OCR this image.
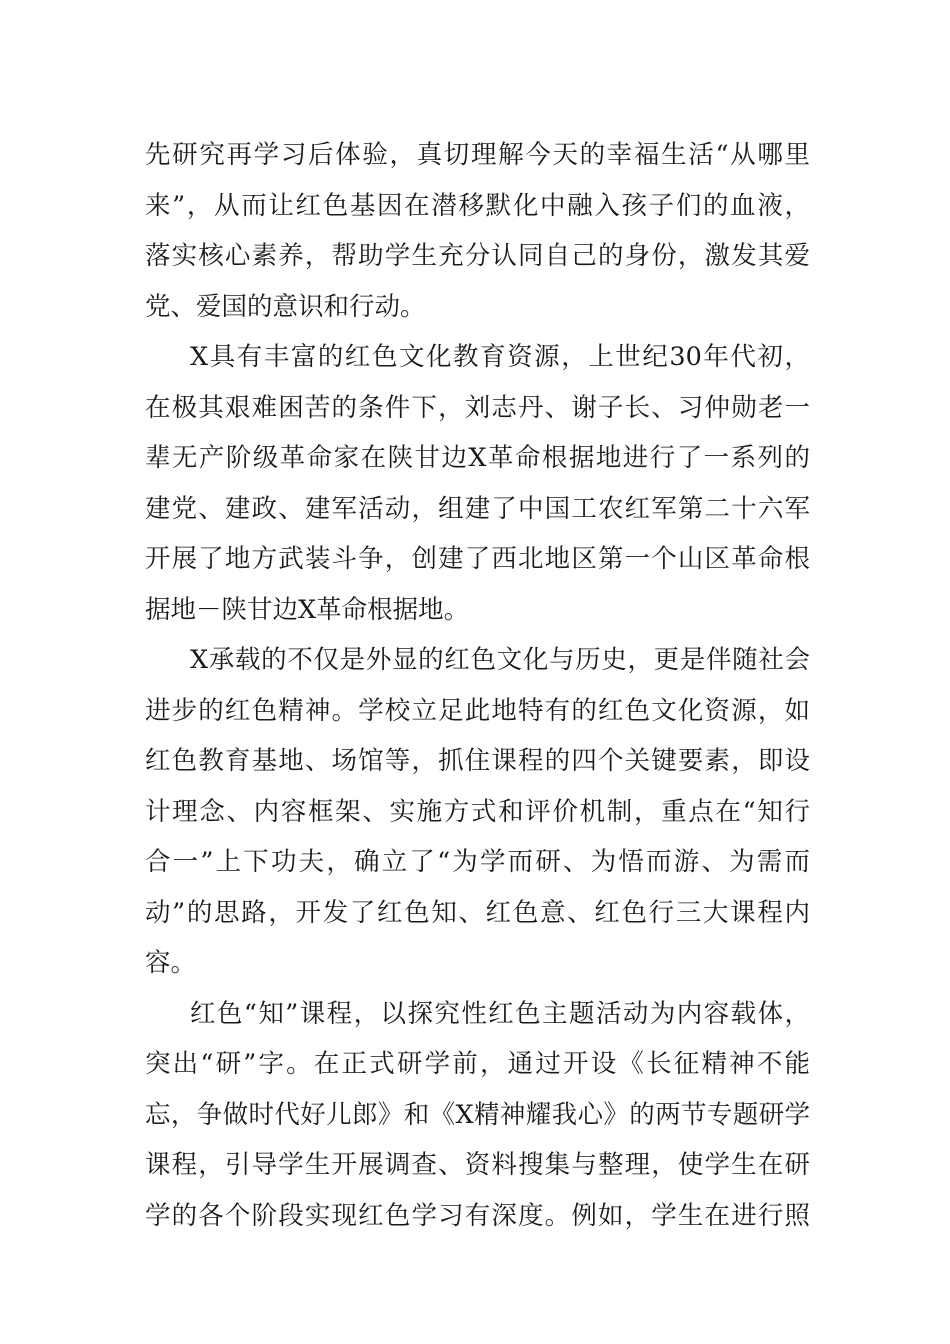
先研究再学习后体验，真切理解今天的幸福生活“从哪里
来”，从而让红色基因在潜移默化中融入孩子们的血液，
落实核心素养，帮助学生充分认同自己的身份，激发其爱
党、爱国的意识和行动。
X具有丰富的红色文化教育资源，上世纪30年代初，
在极其艰难困苦的条件下，刘志丹、谢子长、习仲勋老一
辈无产阶级革命家在陕甘边X革命根据地进行了一系列的
建党、建政、建军活动，组建了中国工农红军第二十六军
开展了地方武装斗争，创建了西北地区第一个山区革命根
据地－陕甘边X革命根据地。
X承载的不仅是外显的红色文化与历史，更是伴随社会
进步的红色精神。学校立足此地特有的红色文化资源，如
红色教育基地、场馆等，抓住课程的四个关键要素，即设
计理念、内容框架、实施方式和评价机制，重点在“知行
合一”上下功夫，确立了“为学而研、为悟而游、为需而
动”的思路，开发了红色知、红色意、红色行三大课程内
容。
红色“知”课程，以探究性红色主题活动为内容载体，
突出“研”字。在正式研学前，通过开设《长征精神不能
忘，争做时代好儿郎》和《X精神耀我心》的两节专题研学
课程，引导学生开展调查、资料搜集与整理，使学生在研
学的各个阶段实现红色学习有深度。例如，学生在进行照
